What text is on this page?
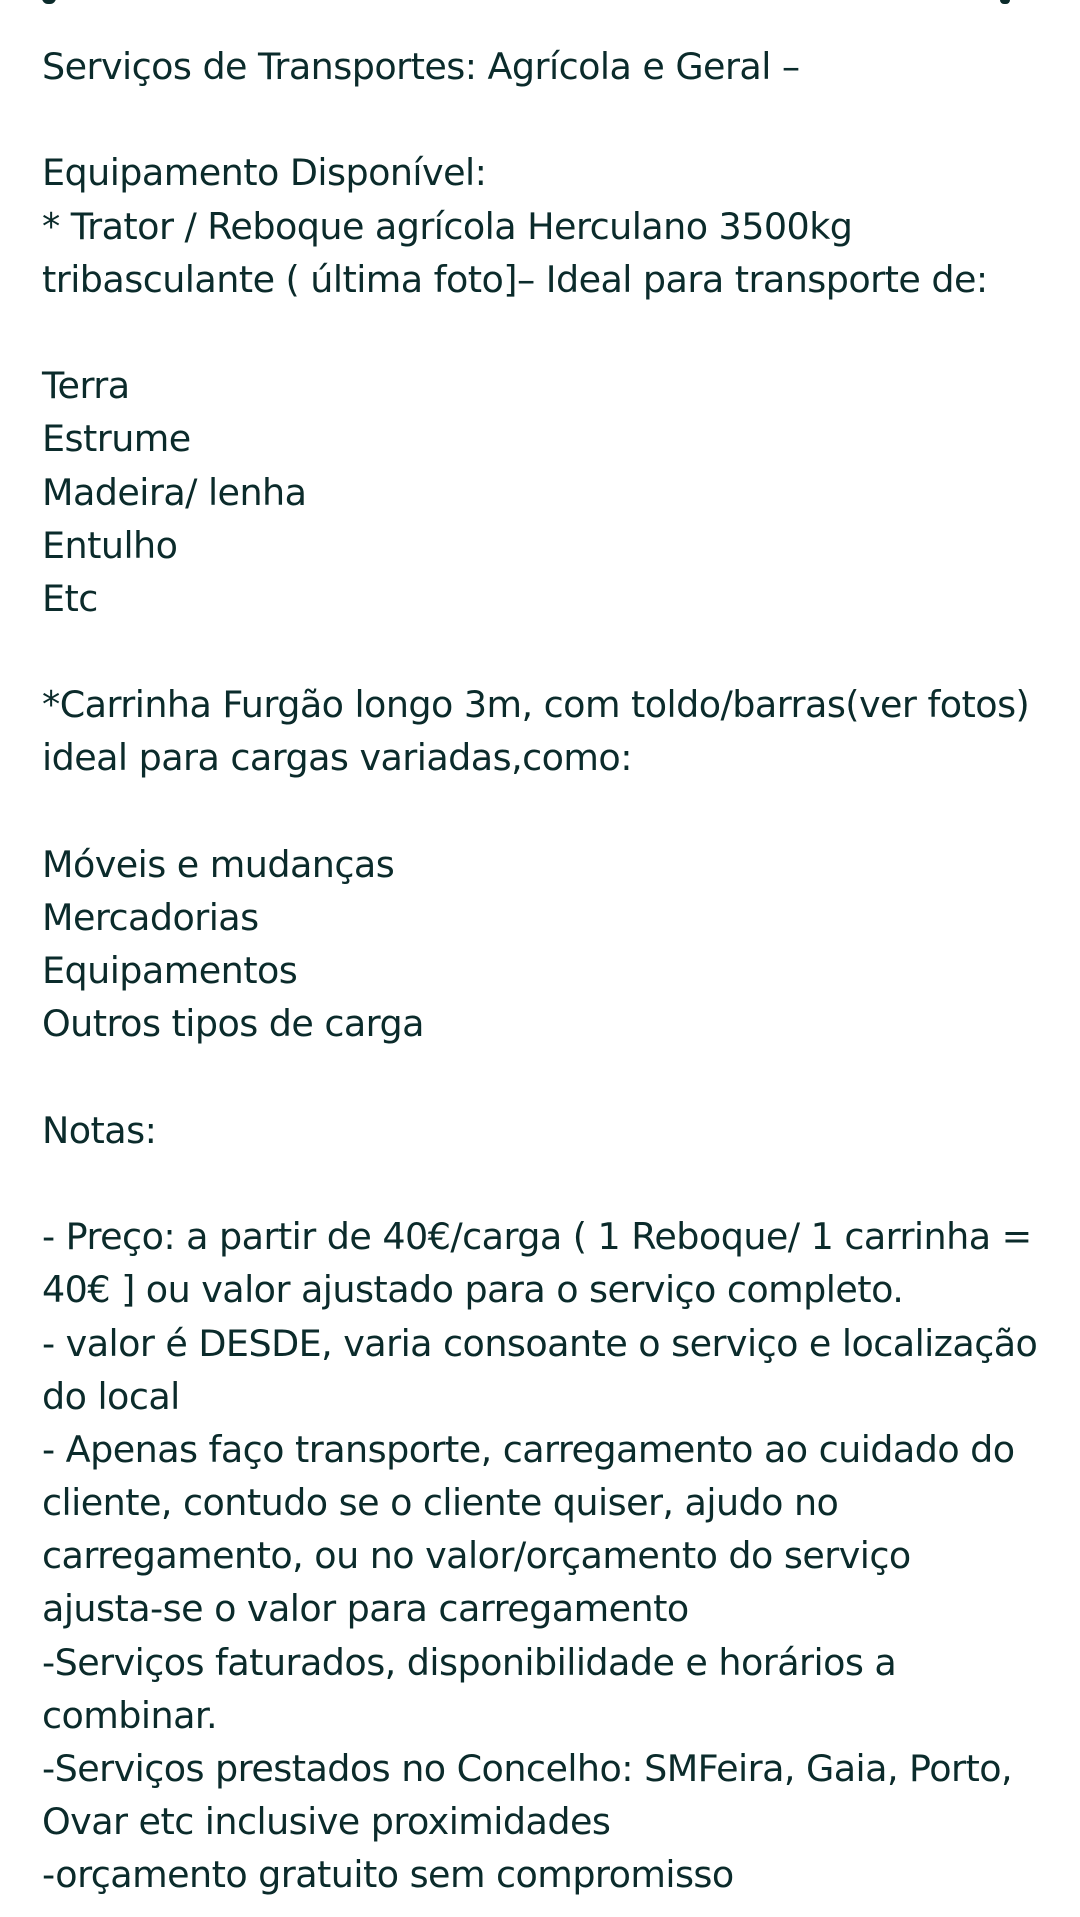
Serviços de Transportes: Agrícola e Geral –
Equipamento Disponível:
* Trator / Reboque agrícola Herculano 3500kg
tribasculante ( última foto]– Ideal para transporte de:
Terra
Estrume
Madeira/ lenha
Entulho
Etc
*Carrinha Furgão longo 3m, com toldo/barras(ver fotos)
ideal para cargas variadas,como:
Móveis e mudanças
Mercadorias
Equipamentos
Outros tipos de carga
Notas:
- Preço: a partir de 40€/carga ( 1 Reboque/ 1 carrinha =
40€ ] ou valor ajustado para o serviço completo.
- valor é DESDE, varia consoante o serviço e localização
do local
- Apenas faço transporte, carregamento ao cuidado do
cliente, contudo se o cliente quiser, ajudo no
carregamento, ou no valor/orçamento do serviço
ajusta-se o valor para carregamento
-Serviços faturados, disponibilidade e horários a
combinar.
-Serviços prestados no Concelho: SMFeira, Gaia, Porto,
Ovar etc inclusive proximidades
-orçamento gratuito sem compromisso
